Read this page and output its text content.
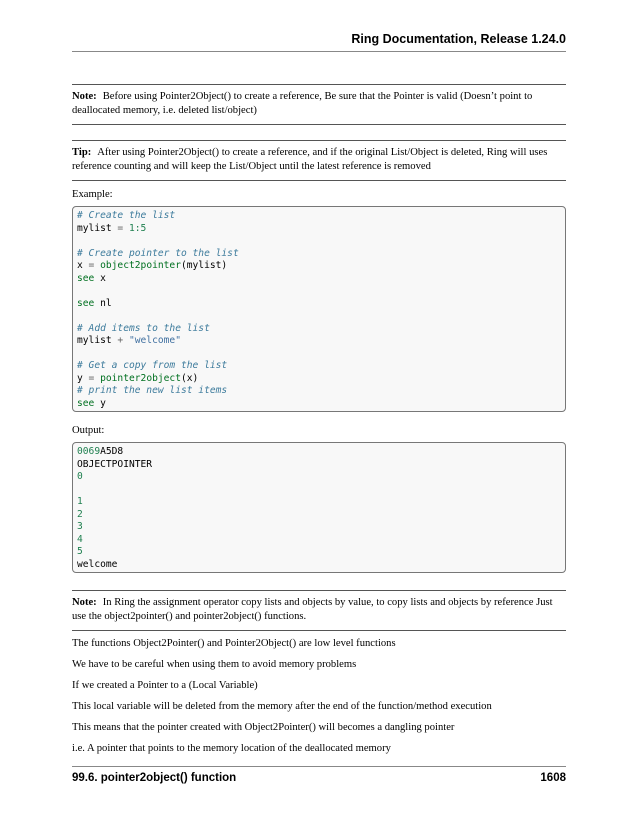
Ring Documentation, Release 1.24.0
Note: Before using Pointer2Object() to create a reference, Be sure that the Pointer is valid (Doesn’t point to deallocated memory, i.e. deleted list/object)
Tip: After using Pointer2Object() to create a reference, and if the original List/Object is deleted, Ring will uses reference counting and will keep the List/Object until the latest reference is removed
Example:
# Create the list
mylist = 1:5
# Create pointer to the list
x = object2pointer(mylist)
see x
see nl
# Add items to the list
mylist + "welcome"
# Get a copy from the list
y = pointer2object(x)
# print the new list items
see y
Output:
0069A5D8
OBJECTPOINTER
0
1
2
3
4
5
welcome
Note: In Ring the assignment operator copy lists and objects by value, to copy lists and objects by reference Just use the object2pointer() and pointer2object() functions.
The functions Object2Pointer() and Pointer2Object() are low level functions
We have to be careful when using them to avoid memory problems
If we created a Pointer to a (Local Variable)
This local variable will be deleted from the memory after the end of the function/method execution
This means that the pointer created with Object2Pointer() will becomes a dangling pointer
i.e. A pointer that points to the memory location of the deallocated memory
99.6. pointer2object() function	1608
